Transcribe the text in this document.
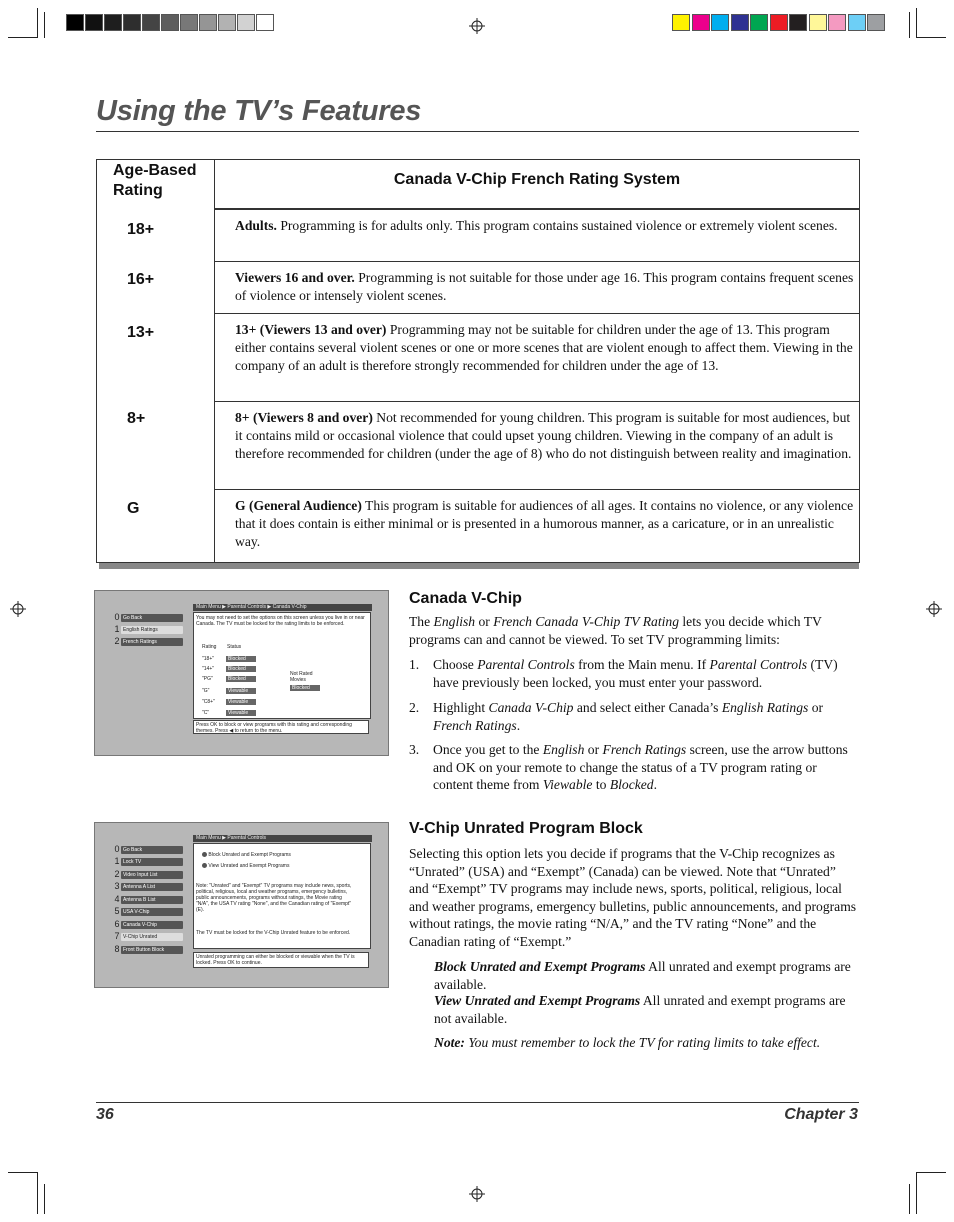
Using the TV’s Features
Age-Based Rating
Canada V-Chip French Rating System
18+	Adults. Programming is for adults only. This program contains sustained violence or extremely violent scenes.
16+	Viewers 16 and over. Programming is not suitable for those under age 16. This program contains frequent scenes of violence or intensely violent scenes.
13+	13+ (Viewers 13 and over) Programming may not be suitable for children under the age of 13. This program either contains several violent scenes or one or more scenes that are violent enough to affect them. Viewing in the company of an adult is therefore strongly recommended for children under the age of 13.
8+	8+ (Viewers 8 and over) Not recommended for young children. This program is suitable for most audiences, but it contains mild or occasional violence that could upset young children. Viewing in the company of an adult is therefore recommended for children (under the age of 8) who do not distinguish between reality and imagination.
G	G (General Audience) This program is suitable for audiences of all ages. It contains no violence, or any violence that it does contain is either minimal or is presented in a humorous manner, as a caricature, or in an unrealistic way.
Main Menu ▶ Parental Controls ▶ Canada V-Chip
0 Go Back
1 English Ratings
2 French Ratings
You may not need to set the options on this screen unless you live in or near Canada. The TV must be locked for the rating limits to be enforced.
Rating Status
"18+"	Blocked
"14+"	Blocked
"PG"	Blocked
"G"	Viewable
"C8+"	Viewable
"C"	Viewable
Not Rated Movies
Blocked
Press OK to block or view programs with this rating and corresponding themes. Press ◀ to return to the menu.
Main Menu ▶ Parental Controls
0 Go Back
1 Lock TV
2 Video Input List
3 Antenna A List
4 Antenna B List
5 USA V-Chip
6 Canada V-Chip
7 V-Chip Unrated
8 Front Button Block
Block Unrated and Exempt Programs
View Unrated and Exempt Programs
Note: "Unrated" and "Exempt" TV programs may include news, sports, political, religious, local and weather programs, emergency bulletins, public announcements, programs without ratings, the Movie rating "N/A", the USA TV rating "None", and the Canadian rating of "Exempt" (E).
The TV must be locked for the V-Chip Unrated feature to be enforced.
Unrated programming can either be blocked or viewable when the TV is locked. Press OK to continue.
Canada V-Chip
The English or French Canada V-Chip TV Rating lets you decide which TV programs can and cannot be viewed. To set TV programming limits:
1. Choose Parental Controls from the Main menu. If Parental Controls (TV) have previously been locked, you must enter your password.
2. Highlight Canada V-Chip and select either Canada’s English Ratings or French Ratings.
3. Once you get to the English or French Ratings screen, use the arrow buttons and OK on your remote to change the status of a TV program rating or content theme from Viewable to Blocked.
V-Chip Unrated Program Block
Selecting this option lets you decide if programs that the V-Chip recognizes as “Unrated” (USA) and “Exempt” (Canada) can be viewed. Note that “Unrated” and “Exempt” TV programs may include news, sports, political, religious, local and weather programs, emergency bulletins, public announcements, and programs without ratings, the movie rating “N/A,” and the TV rating “None” and the Canadian rating of “Exempt.”
Block Unrated and Exempt Programs All unrated and exempt programs are available.
View Unrated and Exempt Programs All unrated and exempt programs are not available.
Note: You must remember to lock the TV for rating limits to take effect.
36	Chapter 3
